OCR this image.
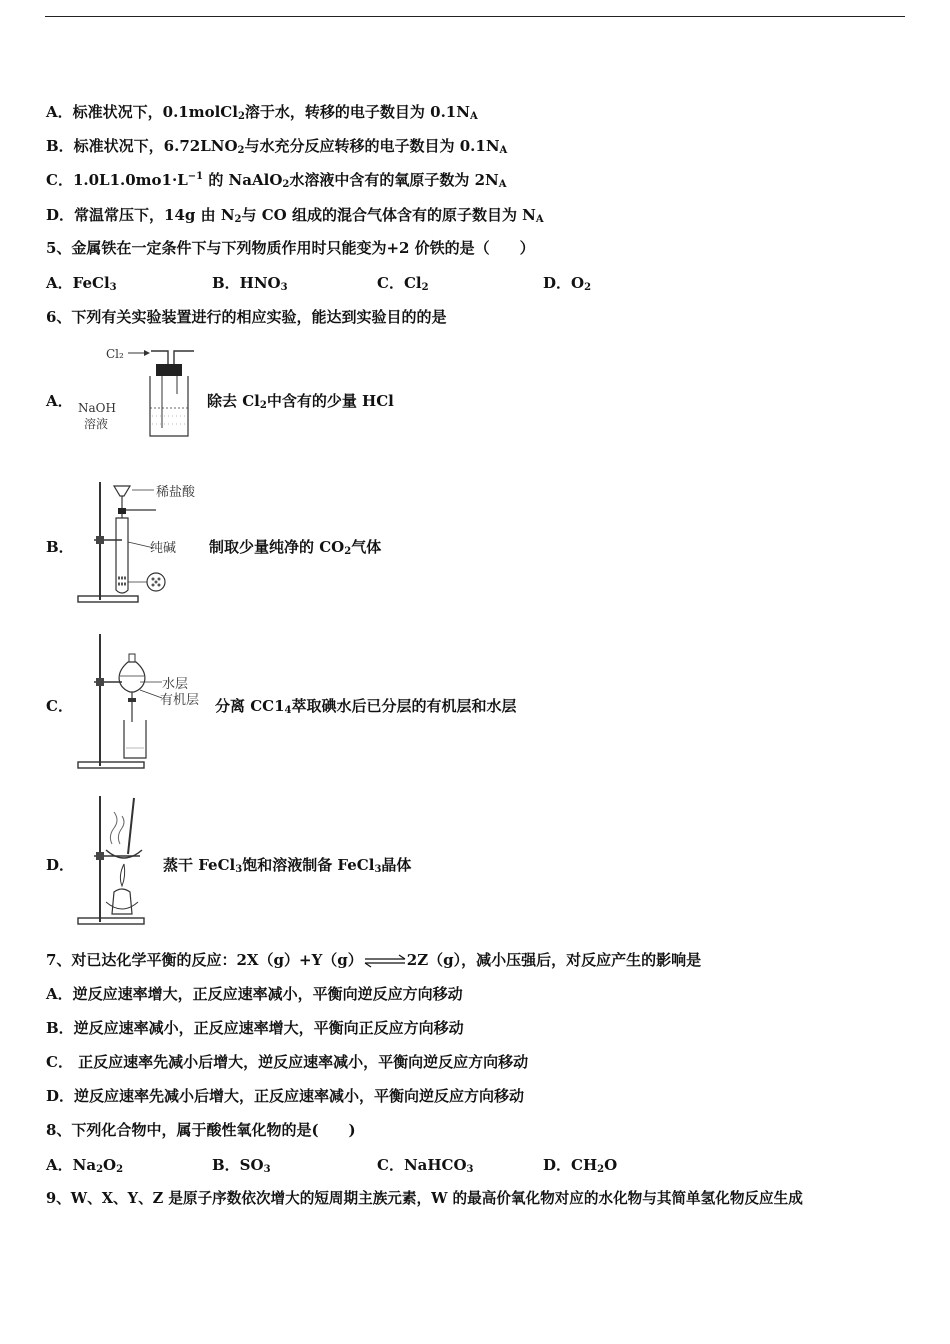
A．标准状况下，0.1molCl$_2$溶于水，转移的电子数目为 $0.1N_A$
B．标准状况下，$6.72LNO_2$与水充分反应转移的电子数目为 $0.1N_A$
C．$1.0L1.0mo1\cdot L^{-1}$ 的 NaAlO$_2$水溶液中含有的氧原子数为 $2N_A$
D．常温常压下，14g 由 $N_2$与 CO 组成的混合气体含有的原子数目为 $N_A$
5、金属铁在一定条件下与下列物质作用时只能变为+2 价铁的是（　　）
A．FeCl$_3$	B．$HNO_3$	C．$Cl_2$	D．$O_2$
6、下列有关实验装置进行的相应实验，能达到实验目的的是
A．
Cl₂
NaOH
溶液
除去 $Cl_2$中含有的少量 HCl
B．
稀盐酸
纯碱 制取少量纯净的 $CO_2$气体
C．
水层
有机层 分离 $CC1_4$萃取碘水后已分层的有机层和水层
D．	蒸干 FeCl$_3$饱和溶液制备 FeCl$_3$晶体
7、对已达化学平衡的反应：2X（g）+Y（g）⇌2Z（g），减小压强后，对反应产生的影响是
A．逆反应速率增大，正反应速率减小，平衡向逆反应方向移动
B．逆反应速率减小，正反应速率增大，平衡向正反应方向移动
C． 正反应速率先减小后增大，逆反应速率减小，平衡向逆反应方向移动
D．逆反应速率先减小后增大，正反应速率减小，平衡向逆反应方向移动
8、下列化合物中，属于酸性氧化物的是(　　)
A．$Na_2O_2$	B．$SO_3$	C．NaHCO$_3$	D．$CH_2O$
9、W、X、Y、Z 是原子序数依次增大的短周期主族元素，W 的最高价氧化物对应的水化物与其简单氢化物反应生成
